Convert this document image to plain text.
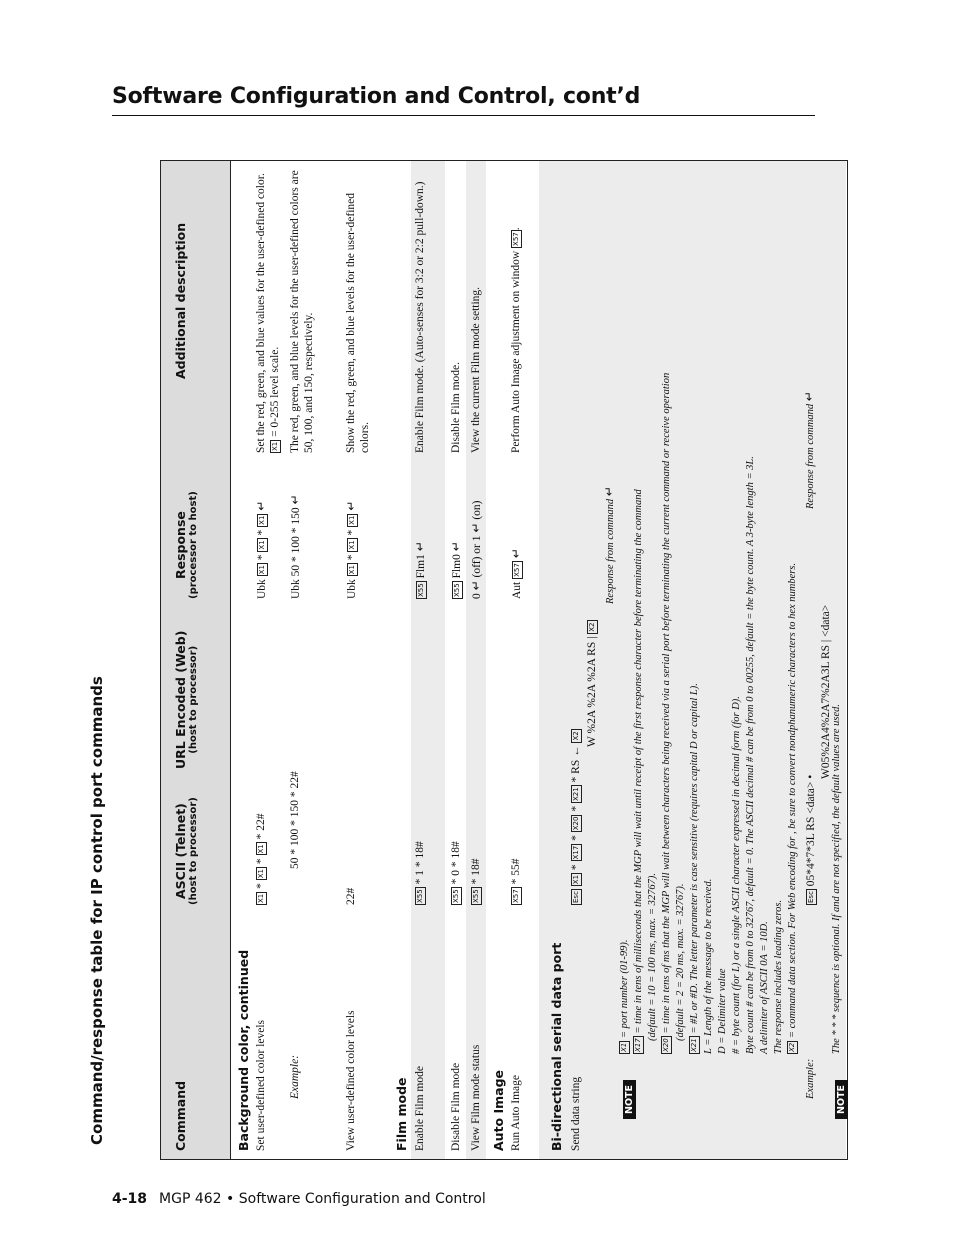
Software Configuration and Control, cont’d
Command/response table for IP control port commands	Command
ASCII (Telnet) (host to processor)
URL Encoded (Web) (host to processor)
Response (processor to host)
Additional description
Background color, continued Set user-defined color levels
X1 * X1 * X1 * 22#
Ubk X1 * X1 * X1 ↵
Set the red, green, and blue values for the user-defined color. X1 = 0-255 level scale.
Example:
50 * 100 * 150 * 22#
Ubk 50 * 100 * 150 ↵
The red, green, and blue levels for the user-defined colors are 50, 100, and 150, respectively.
View user-defined color levels
22#
Ubk X1 * X1 * X1 ↵
Show the red, green, and blue levels for the user-defined colors.
Film mode Enable Film mode
X55 * 1 * 18#
X55 Flm1 ↵
Enable Film mode. (Auto-senses for 3:2 or 2:2 pull-down.)
Disable Film mode
X55 * 0 * 18#
X55 Flm0 ↵
Disable Film mode.
View Film mode status
X55 * 18#
0 ↵ (off) or 1 ↵ (on)
View the current Film mode setting.
Auto Image Run Auto Image
X57 * 55#
Aut X57 ↵
Perform Auto Image adjustment on window X57.
Bi-directional serial data port Send data string
Esc X1 * X17 * X20 * X21 * RS ← X2 W %2A %2A %2A RS | X2
Response from command ↵
NOTE
X1 = port number (01-99).
X17 = time in tens of milliseconds that the MGP will wait until receipt of the first response character before terminating the command (default = 10 = 100 ms, max. = 32767).
X20 = time in tens of ms that the MGP will wait between characters being received via a serial port before terminating the current command or receive operation (default = 2 = 20 ms, max. = 32767).
X21 = #L or #D. The letter parameter is case sensitive (requires capital D or capital L). L = Length of the message to be received. D = Delimiter value # = byte count (for L) or a single ASCII character expressed in decimal form (for D). Byte count # can be from 0 to 32767, default = 0. The ASCII decimal # can be from 0 to 00255, default = the byte count. A 3-byte length = 3L. A delimiter of ASCII 0A = 10D. The response includes leading zeros. X2 = command data section. For Web encoding for , be sure to convert nondphanumeric characters to hex numbers.
Example:
Esc 05*4*7*3L RS <data> • W05%2A4%2A7%2A3L RS | <data>
Response from command ↵
NOTE
The * * * sequence is optional. If and are not specified, the default values are used.
4-18 MGP 462 • Software Configuration and Control
